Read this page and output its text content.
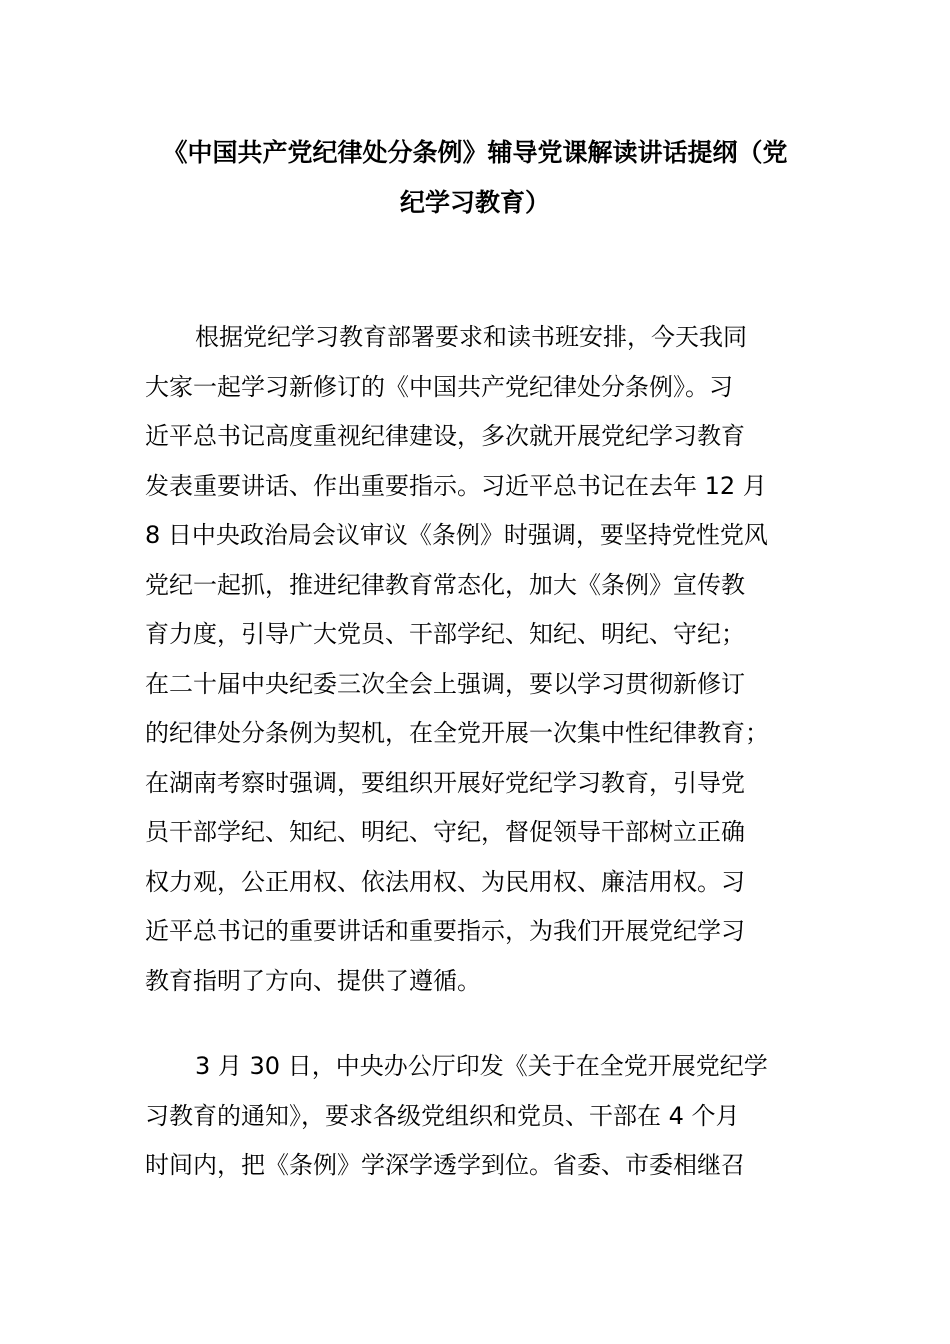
《中国共产党纪律处分条例》辅导党课解读讲话提纲（党
纪学习教育）
根据党纪学习教育部署要求和读书班安排，今天我同
大家一起学习新修订的《中国共产党纪律处分条例》。习
近平总书记高度重视纪律建设，多次就开展党纪学习教育
发表重要讲话、作出重要指示。习近平总书记在去年 12 月
8 日中央政治局会议审议《条例》时强调，要坚持党性党风
党纪一起抓，推进纪律教育常态化，加大《条例》宣传教
育力度，引导广大党员、干部学纪、知纪、明纪、守纪；
在二十届中央纪委三次全会上强调，要以学习贯彻新修订
的纪律处分条例为契机，在全党开展一次集中性纪律教育；
在湖南考察时强调，要组织开展好党纪学习教育，引导党
员干部学纪、知纪、明纪、守纪，督促领导干部树立正确
权力观，公正用权、依法用权、为民用权、廉洁用权。习
近平总书记的重要讲话和重要指示，为我们开展党纪学习
教育指明了方向、提供了遵循。
3 月 30 日，中央办公厅印发《关于在全党开展党纪学
习教育的通知》，要求各级党组织和党员、干部在 4 个月
时间内，把《条例》学深学透学到位。省委、市委相继召
